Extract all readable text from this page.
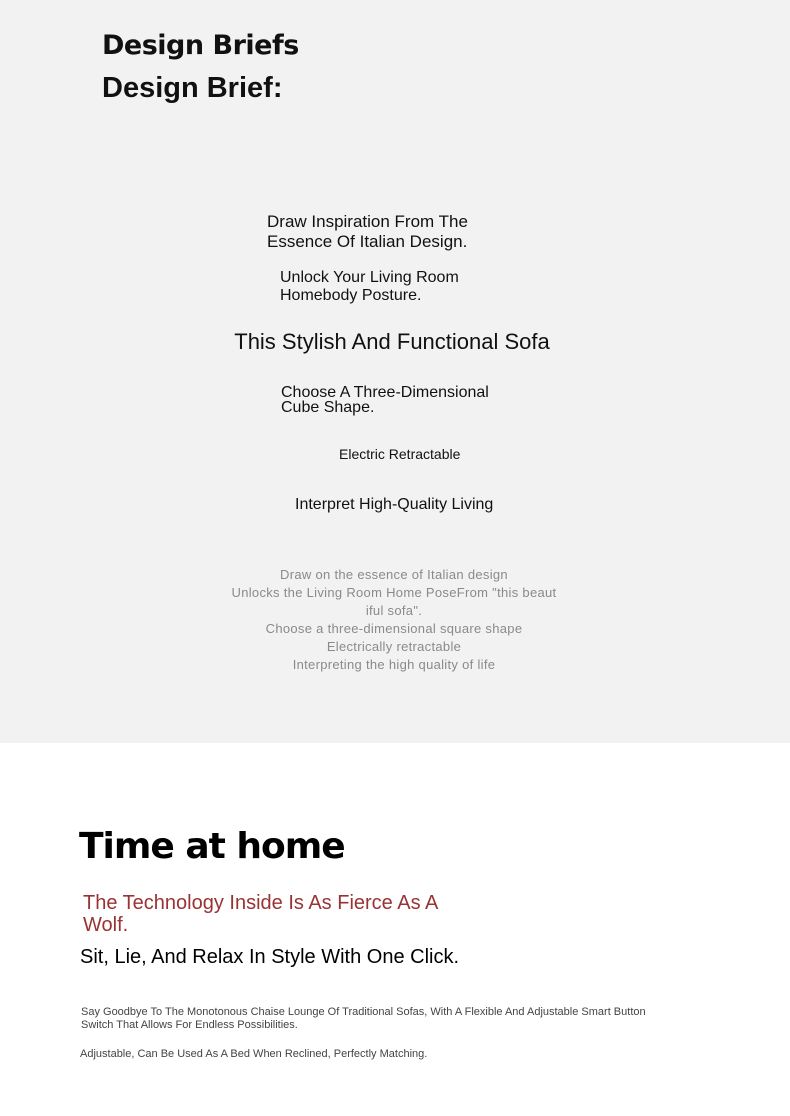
Design Briefs
Design Brief:
Draw Inspiration From The Essence Of Italian Design.
Unlock Your Living Room Homebody Posture.
This Stylish And Functional Sofa
Choose A Three-Dimensional Cube Shape.
Electric Retractable
Interpret High-Quality Living
Draw on the essence of Italian design
Unlocks the Living Room Home PoseFrom "this beaut
iful sofa".
Choose a three-dimensional square shape
Electrically retractable
Interpreting the high quality of life
Time at home
The Technology Inside Is As Fierce As A Wolf.
Sit, Lie, And Relax In Style With One Click.

Say Goodbye To The Monotonous Chaise Lounge Of Traditional Sofas, With A Flexible And Adjustable Smart Button Switch That Allows For Endless Possibilities.

Adjustable, Can Be Used As A Bed When Reclined, Perfectly Matching.
